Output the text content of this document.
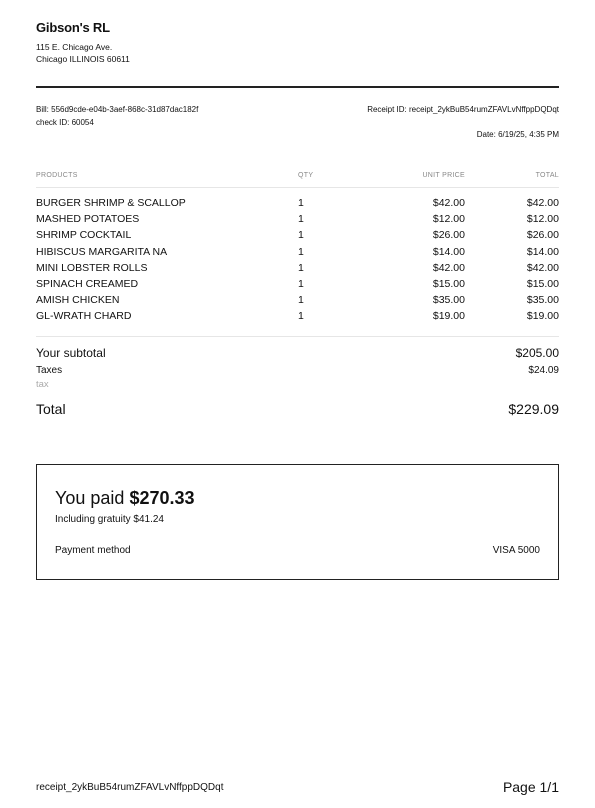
Gibson's RL
115 E. Chicago Ave.
Chicago ILLINOIS 60611
Bill: 556d9cde-e04b-3aef-868c-31d87dac182f
check ID: 60054
Receipt ID: receipt_2ykBuB54rumZFAVLvNffppDQDqt
Date: 6/19/25, 4:35 PM
PRODUCTS	QTY	UNIT PRICE	TOTAL
BURGER SHRIMP & SCALLOP	1	$42.00	$42.00
MASHED POTATOES	1	$12.00	$12.00
SHRIMP COCKTAIL	1	$26.00	$26.00
HIBISCUS MARGARITA NA	1	$14.00	$14.00
MINI LOBSTER ROLLS	1	$42.00	$42.00
SPINACH CREAMED	1	$15.00	$15.00
AMISH CHICKEN	1	$35.00	$35.00
GL-WRATH CHARD	1	$19.00	$19.00
Your subtotal	$205.00
Taxes	$24.09
tax
Total	$229.09
You paid $270.33
Including gratuity $41.24
Payment method	VISA 5000
receipt_2ykBuB54rumZFAVLvNffppDQDqt	Page 1/1
